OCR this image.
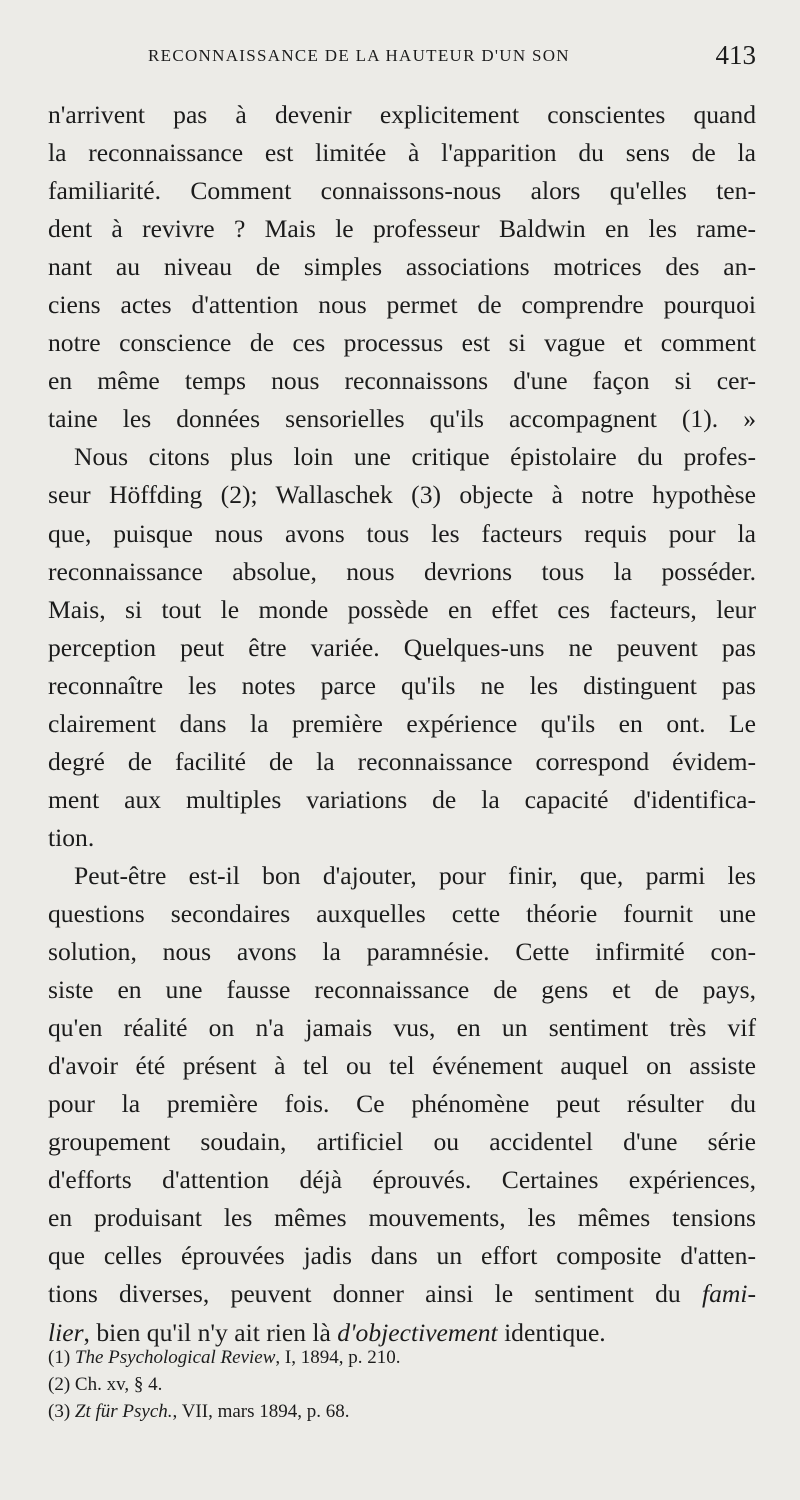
RECONNAISSANCE DE LA HAUTEUR D'UN SON	413
n'arrivent pas à devenir explicitement conscientes quand
la reconnaissance est limitée à l'apparition du sens de la
familiarité. Comment connaissons-nous alors qu'elles ten-
dent à revivre ? Mais le professeur Baldwin en les rame-
nant au niveau de simples associations motrices des an-
ciens actes d'attention nous permet de comprendre pourquoi
notre conscience de ces processus est si vague et comment
en même temps nous reconnaissons d'une façon si cer-
taine les données sensorielles qu'ils accompagnent (1). »
Nous citons plus loin une critique épistolaire du profes-
seur Höffding (2); Wallaschek (3) objecte à notre hypothèse
que, puisque nous avons tous les facteurs requis pour la
reconnaissance absolue, nous devrions tous la posséder.
Mais, si tout le monde possède en effet ces facteurs, leur
perception peut être variée. Quelques-uns ne peuvent pas
reconnaître les notes parce qu'ils ne les distinguent pas
clairement dans la première expérience qu'ils en ont. Le
degré de facilité de la reconnaissance correspond évidem-
ment aux multiples variations de la capacité d'identifica-
tion.
Peut-être est-il bon d'ajouter, pour finir, que, parmi les
questions secondaires auxquelles cette théorie fournit une
solution, nous avons la paramnésie. Cette infirmité con-
siste en une fausse reconnaissance de gens et de pays,
qu'en réalité on n'a jamais vus, en un sentiment très vif
d'avoir été présent à tel ou tel événement auquel on assiste
pour la première fois. Ce phénomène peut résulter du
groupement soudain, artificiel ou accidentel d'une série
d'efforts d'attention déjà éprouvés. Certaines expériences,
en produisant les mêmes mouvements, les mêmes tensions
que celles éprouvées jadis dans un effort composite d'atten-
tions diverses, peuvent donner ainsi le sentiment du fami-
lier, bien qu'il n'y ait rien là d'objectivement identique.
(1) The Psychological Review, I, 1894, p. 210.
(2) Ch. xv, § 4.
(3) Zt für Psych., VII, mars 1894, p. 68.
